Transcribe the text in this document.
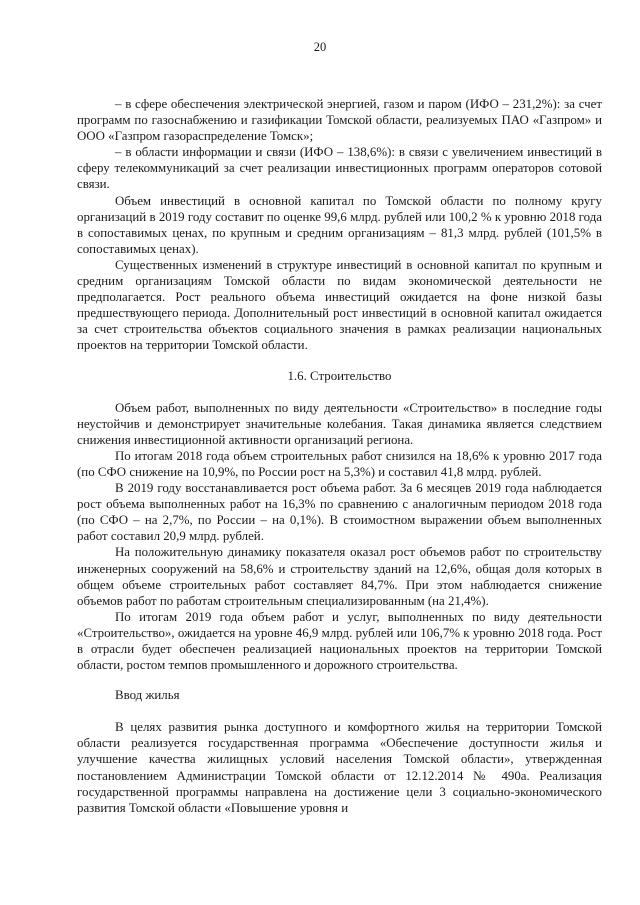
20

– в сфере обеспечения электрической энергией, газом и паром (ИФО – 231,2%): за счет программ по газоснабжению и газификации Томской области, реализуемых ПАО «Газпром» и ООО «Газпром газораспределение Томск»;

– в области информации и связи (ИФО – 138,6%): в связи с увеличением инвестиций в сферу телекоммуникаций за счет реализации инвестиционных программ операторов сотовой связи.

Объем инвестиций в основной капитал по Томской области по полному кругу организаций в 2019 году составит по оценке 99,6 млрд. рублей или 100,2 % к уровню 2018 года в сопоставимых ценах, по крупным и средним организациям – 81,3 млрд. рублей (101,5% в сопоставимых ценах).

Существенных изменений в структуре инвестиций в основной капитал по крупным и средним организациям Томской области по видам экономической деятельности не предполагается. Рост реального объема инвестиций ожидается на фоне низкой базы предшествующего периода. Дополнительный рост инвестиций в основной капитал ожидается за счет строительства объектов социального значения в рамках реализации национальных проектов на территории Томской области.

1.6. Строительство

Объем работ, выполненных по виду деятельности «Строительство» в последние годы неустойчив и демонстрирует значительные колебания. Такая динамика является следствием снижения инвестиционной активности организаций региона.

По итогам 2018 года объем строительных работ снизился на 18,6% к уровню 2017 года (по СФО снижение на 10,9%, по России рост на 5,3%) и составил 41,8 млрд. рублей.

В 2019 году восстанавливается рост объема работ. За 6 месяцев 2019 года наблюдается рост объема выполненных работ на 16,3% по сравнению с аналогичным периодом 2018 года (по СФО – на 2,7%, по России – на 0,1%). В стоимостном выражении объем выполненных работ составил 20,9 млрд. рублей.

На положительную динамику показателя оказал рост объемов работ по строительству инженерных сооружений на 58,6% и строительству зданий на 12,6%, общая доля которых в общем объеме строительных работ составляет 84,7%. При этом наблюдается снижение объемов работ по работам строительным специализированным (на 21,4%).

По итогам 2019 года объем работ и услуг, выполненных по виду деятельности «Строительство», ожидается на уровне 46,9 млрд. рублей или 106,7% к уровню 2018 года. Рост в отрасли будет обеспечен реализацией национальных проектов на территории Томской области, ростом темпов промышленного и дорожного строительства.

Ввод жилья

В целях развития рынка доступного и комфортного жилья на территории Томской области реализуется государственная программа «Обеспечение доступности жилья и улучшение качества жилищных условий населения Томской области», утвержденная постановлением Администрации Томской области от 12.12.2014 № 490а. Реализация государственной программы направлена на достижение цели 3 социально-экономического развития Томской области «Повышение уровня и
